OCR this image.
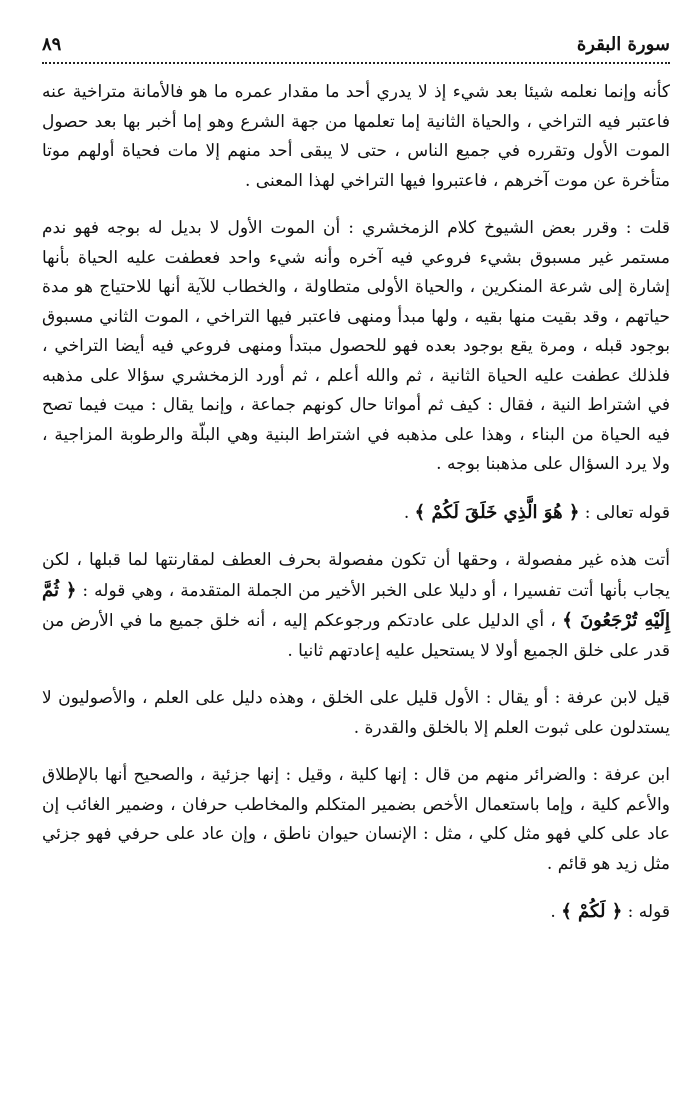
سورة البقرة
٨٩

كأنه وإنما نعلمه شيئا بعد شيء إذ لا يدري أحد ما مقدار عمره ما هو فالأمانة متراخية عنه فاعتبر فيه التراخي ، والحياة الثانية إما تعلمها من جهة الشرع وهو إما أخبر بها بعد حصول الموت الأول وتقرره في جميع الناس ، حتى لا يبقى أحد منهم إلا مات فحياة أولهم موتا متأخرة عن موت آخرهم ، فاعتبروا فيها التراخي لهذا المعنى .

قلت : وقرر بعض الشيوخ كلام الزمخشري : أن الموت الأول لا بديل له بوجه فهو ندم مستمر غير مسبوق بشيء فروعي فيه آخره وأنه شيء واحد فعطفت عليه الحياة بأنها إشارة إلى شرعة المنكرين ، والحياة الأولى متطاولة ، والخطاب للآية أنها للاحتياج هو مدة حياتهم ، وقد بقيت منها بقيه ، ولها مبدأ ومنهى فاعتبر فيها التراخي ، الموت الثاني مسبوق بوجود قبله ، ومرة يقع بوجود بعده فهو للحصول مبتدأ ومنهى فروعي فيه أيضا التراخي ، فلذلك عطفت عليه الحياة الثانية ، ثم والله أعلم ، ثم أورد الزمخشري سؤالا على مذهبه في اشتراط النية ، فقال : كيف ثم أمواتا حال كونهم جماعة ، وإنما يقال : ميت فيما تصح فيه الحياة من البناء ، وهذا على مذهبه في اشتراط البنية وهي البلّة والرطوبة المزاجية ، ولا يرد السؤال على مذهبنا بوجه .

قوله تعالى : ﴿ هُوَ الَّذِي خَلَقَ لَكُمْ ﴾ .

أتت هذه غير مفصولة ، وحقها أن تكون مفصولة بحرف العطف لمقارنتها لما قبلها ، لكن يجاب بأنها أتت تفسيرا ، أو دليلا على الخبر الأخير من الجملة المتقدمة ، وهي قوله : ﴿ ثُمَّ إِلَيْهِ تُرْجَعُونَ ﴾ ، أي الدليل على عادتكم ورجوعكم إليه ، أنه خلق جميع ما في الأرض من قدر على خلق الجميع أولا لا يستحيل عليه إعادتهم ثانيا .

قيل لابن عرفة : أو يقال : الأول قليل على الخلق ، وهذه دليل على العلم ، والأصوليون لا يستدلون على ثبوت العلم إلا بالخلق والقدرة .

ابن عرفة : والضرائر منهم من قال : إنها كلية ، وقيل : إنها جزئية ، والصحيح أنها بالإطلاق والأعم كلية ، وإما باستعمال الأخص بضمير المتكلم والمخاطب حرفان ، وضمير الغائب إن عاد على كلي فهو مثل كلي ، مثل : الإنسان حيوان ناطق ، وإن عاد على حرفي فهو جزئي مثل زيد هو قائم .

قوله : ﴿ لَكُمْ ﴾ .
